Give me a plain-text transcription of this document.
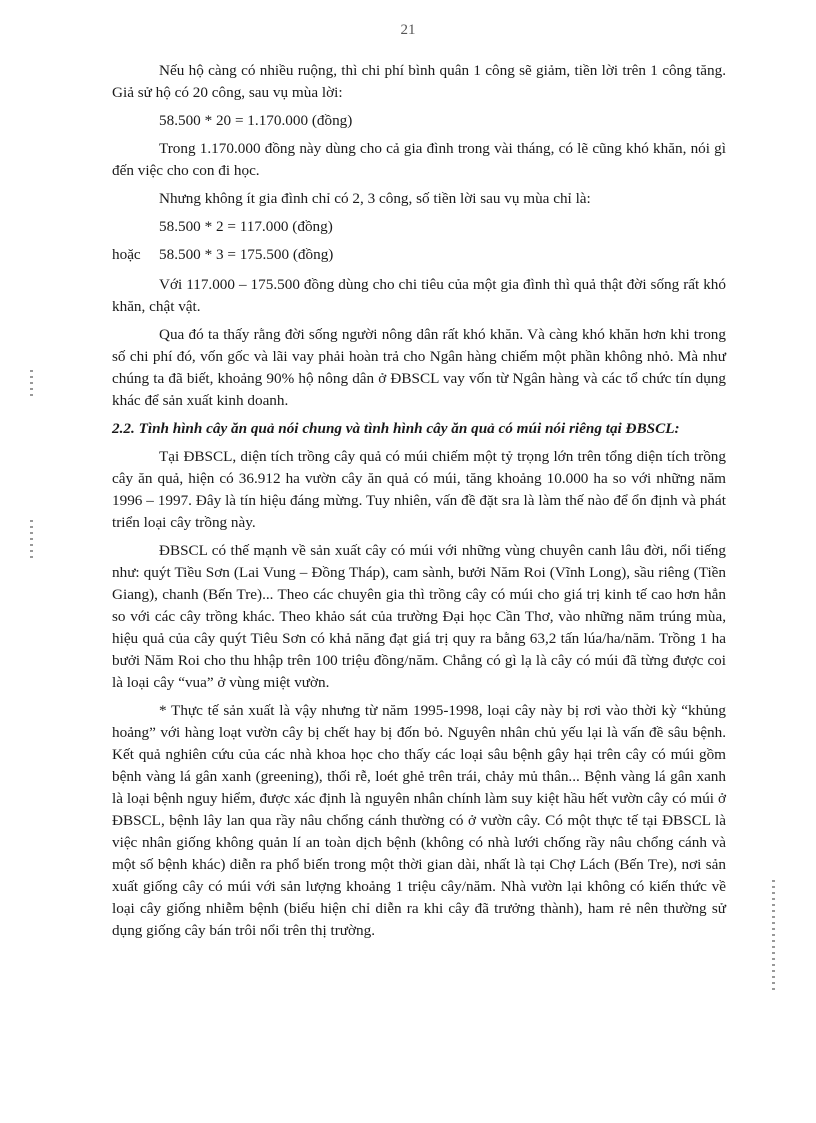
21

Nếu hộ càng có nhiều ruộng, thì chi phí bình quân 1 công sẽ giảm, tiền lời trên 1 công tăng. Giả sử hộ có 20 công, sau vụ mùa lời:

58.500 * 20 = 1.170.000 (đồng)

Trong 1.170.000 đồng này dùng cho cả gia đình trong vài tháng, có lẽ cũng khó khăn, nói gì đến việc cho con đi học.

Nhưng không ít gia đình chỉ có 2, 3 công, số tiền lời sau vụ mùa chỉ là:

58.500 * 2 = 117.000 (đồng)

hoặc	58.500 * 3 = 175.500 (đồng)

Với 117.000 – 175.500 đồng dùng cho chi tiêu của một gia đình thì quả thật đời sống rất khó khăn, chật vật.

Qua đó ta thấy rằng đời sống người nông dân rất khó khăn. Và càng khó khăn hơn khi trong số chi phí đó, vốn gốc và lãi vay phải hoàn trả cho Ngân hàng chiếm một phần không nhỏ. Mà như chúng ta đã biết, khoảng 90% hộ nông dân ở ĐBSCL vay vốn từ Ngân hàng và các tổ chức tín dụng khác để sản xuất kinh doanh.

2.2. Tình hình cây ăn quả nói chung và tình hình cây ăn quả có múi nói riêng tại ĐBSCL:

Tại ĐBSCL, diện tích trồng cây quả có múi chiếm một tỷ trọng lớn trên tổng diện tích trồng cây ăn quả, hiện có 36.912 ha vườn cây ăn quả có múi, tăng khoảng 10.000 ha so với những năm 1996 – 1997. Đây là tín hiệu đáng mừng. Tuy nhiên, vấn đề đặt sra là làm thế nào để ổn định và phát triển loại cây trồng này.

ĐBSCL có thế mạnh về sản xuất cây có múi với những vùng chuyên canh lâu đời, nổi tiếng như: quýt Tiều Sơn (Lai Vung – Đồng Tháp), cam sành, bưởi Năm Roi (Vĩnh Long), sầu riêng (Tiền Giang), chanh (Bến Tre)... Theo các chuyên gia thì trồng cây có múi cho giá trị kinh tế cao hơn hẳn so với các cây trồng khác. Theo khảo sát của trường Đại học Cần Thơ, vào những năm trúng mùa, hiệu quả của cây quýt Tiêu Sơn có khả năng đạt giá trị quy ra bằng 63,2 tấn lúa/ha/năm. Trồng 1 ha bưởi Năm Roi cho thu hhập trên 100 triệu đồng/năm. Chẳng có gì lạ là cây có múi đã từng được coi là loại cây “vua” ở vùng miệt vườn.

* Thực tế sản xuất là vậy nhưng từ năm 1995-1998, loại cây này bị rơi vào thời kỳ “khủng hoảng” với hàng loạt vườn cây bị chết hay bị đốn bỏ. Nguyên nhân chủ yếu lại là vấn đề sâu bệnh. Kết quả nghiên cứu của các nhà khoa học cho thấy các loại sâu bệnh gây hại trên cây có múi gồm bệnh vàng lá gân xanh (greening), thối rễ, loét ghẻ trên trái, chảy mủ thân... Bệnh vàng lá gân xanh là loại bệnh nguy hiểm, được xác định là nguyên nhân chính làm suy kiệt hầu hết vườn cây có múi ở ĐBSCL, bệnh lây lan qua rầy nâu chổng cánh thường có ở vườn cây. Có một thực tế tại ĐBSCL là việc nhân giống không quản lí an toàn dịch bệnh (không có nhà lưới chống rầy nâu chổng cánh và một số bệnh khác) diễn ra phổ biến trong một thời gian dài, nhất là tại Chợ Lách (Bến Tre), nơi sản xuất giống cây có múi với sản lượng khoảng 1 triệu cây/năm. Nhà vườn lại không có kiến thức về loại cây giống nhiễm bệnh (biểu hiện chỉ diễn ra khi cây đã trưởng thành), ham rẻ nên thường sử dụng giống cây bán trôi nổi trên thị trường.
